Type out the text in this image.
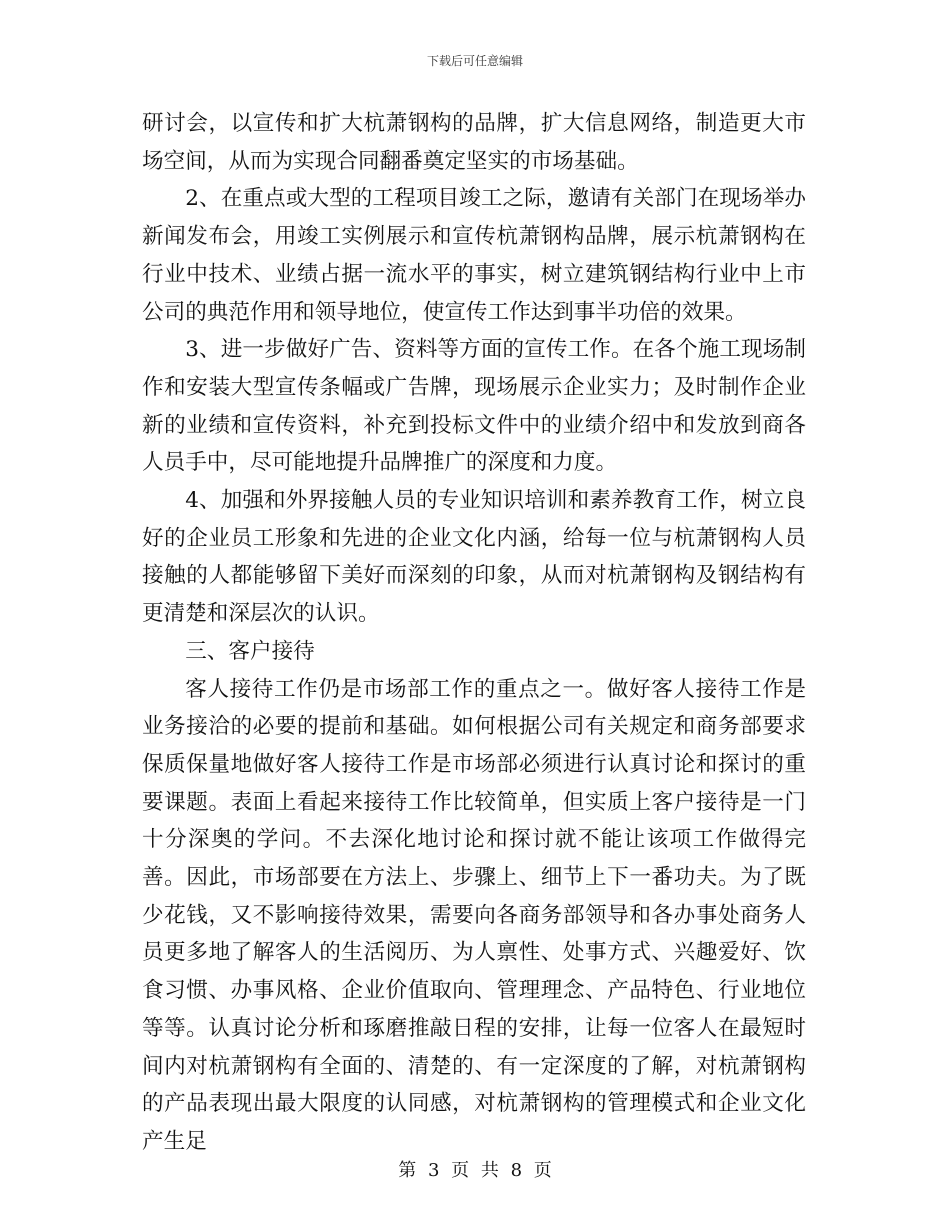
下载后可任意编辑

研讨会，以宣传和扩大杭萧钢构的品牌，扩大信息网络，制造更大市场空间，从而为实现合同翻番奠定坚实的市场基础。

2、在重点或大型的工程项目竣工之际，邀请有关部门在现场举办新闻发布会，用竣工实例展示和宣传杭萧钢构品牌，展示杭萧钢构在行业中技术、业绩占据一流水平的事实，树立建筑钢结构行业中上市公司的典范作用和领导地位，使宣传工作达到事半功倍的效果。

3、进一步做好广告、资料等方面的宣传工作。在各个施工现场制作和安装大型宣传条幅或广告牌，现场展示企业实力；及时制作企业新的业绩和宣传资料，补充到投标文件中的业绩介绍中和发放到商各人员手中，尽可能地提升品牌推广的深度和力度。

4、加强和外界接触人员的专业知识培训和素养教育工作，树立良好的企业员工形象和先进的企业文化内涵，给每一位与杭萧钢构人员接触的人都能够留下美好而深刻的印象，从而对杭萧钢构及钢结构有更清楚和深层次的认识。

三、客户接待

客人接待工作仍是市场部工作的重点之一。做好客人接待工作是业务接洽的必要的提前和基础。如何根据公司有关规定和商务部要求保质保量地做好客人接待工作是市场部必须进行认真讨论和探讨的重要课题。表面上看起来接待工作比较简单，但实质上客户接待是一门十分深奥的学问。不去深化地讨论和探讨就不能让该项工作做得完善。因此，市场部要在方法上、步骤上、细节上下一番功夫。为了既少花钱，又不影响接待效果，需要向各商务部领导和各办事处商务人员更多地了解客人的生活阅历、为人禀性、处事方式、兴趣爱好、饮食习惯、办事风格、企业价值取向、管理理念、产品特色、行业地位等等。认真讨论分析和琢磨推敲日程的安排，让每一位客人在最短时间内对杭萧钢构有全面的、清楚的、有一定深度的了解，对杭萧钢构的产品表现出最大限度的认同感，对杭萧钢构的管理模式和企业文化产生足

第 3 页 共 8 页
